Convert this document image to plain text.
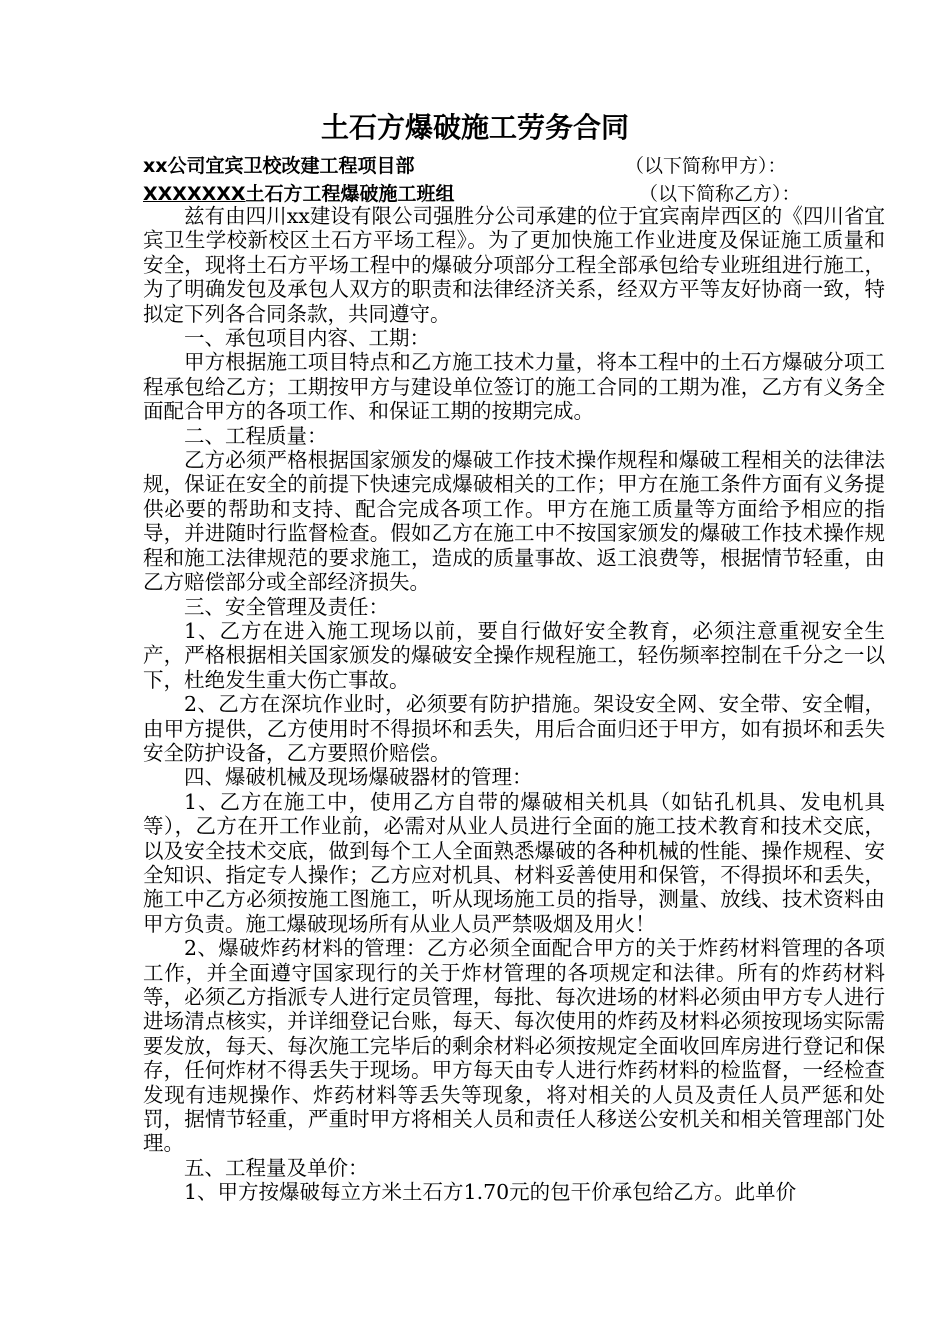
土石方爆破施工劳务合同
xx公司宜宾卫校改建工程项目部	（以下简称甲方）：
XXXXXXX土石方工程爆破施工班组	（以下简称乙方）：

兹有由四川xx建设有限公司强胜分公司承建的位于宜宾南岸西区的《四川省宜宾卫生学校新校区土石方平场工程》。为了更加快施工作业进度及保证施工质量和安全，现将土石方平场工程中的爆破分项部分工程全部承包给专业班组进行施工，为了明确发包及承包人双方的职责和法律经济关系，经双方平等友好协商一致，特拟定下列各合同条款，共同遵守。

一、承包项目内容、工期：

甲方根据施工项目特点和乙方施工技术力量，将本工程中的土石方爆破分项工程承包给乙方；工期按甲方与建设单位签订的施工合同的工期为准，乙方有义务全面配合甲方的各项工作、和保证工期的按期完成。

二、工程质量：

乙方必须严格根据国家颁发的爆破工作技术操作规程和爆破工程相关的法律法规，保证在安全的前提下快速完成爆破相关的工作；甲方在施工条件方面有义务提供必要的帮助和支持、配合完成各项工作。甲方在施工质量等方面给予相应的指导，并进随时行监督检查。假如乙方在施工中不按国家颁发的爆破工作技术操作规程和施工法律规范的要求施工，造成的质量事故、返工浪费等，根据情节轻重，由乙方赔偿部分或全部经济损失。

三、安全管理及责任：

1、乙方在进入施工现场以前，要自行做好安全教育，必须注意重视安全生产，严格根据相关国家颁发的爆破安全操作规程施工，轻伤频率控制在千分之一以下，杜绝发生重大伤亡事故。

2、乙方在深坑作业时，必须要有防护措施。架设安全网、安全带、安全帽，由甲方提供，乙方使用时不得损坏和丢失，用后合面归还于甲方，如有损坏和丢失安全防护设备，乙方要照价赔偿。

四、爆破机械及现场爆破器材的管理：

1、乙方在施工中，使用乙方自带的爆破相关机具（如钻孔机具、发电机具等），乙方在开工作业前，必需对从业人员进行全面的施工技术教育和技术交底，以及安全技术交底，做到每个工人全面熟悉爆破的各种机械的性能、操作规程、安全知识、指定专人操作；乙方应对机具、材料妥善使用和保管，不得损坏和丢失，施工中乙方必须按施工图施工，听从现场施工员的指导，测量、放线、技术资料由甲方负责。施工爆破现场所有从业人员严禁吸烟及用火！

2、爆破炸药材料的管理：乙方必须全面配合甲方的关于炸药材料管理的各项工作，并全面遵守国家现行的关于炸材管理的各项规定和法律。所有的炸药材料等，必须乙方指派专人进行定员管理，每批、每次进场的材料必须由甲方专人进行进场清点核实，并详细登记台账，每天、每次使用的炸药及材料必须按现场实际需要发放，每天、每次施工完毕后的剩余材料必须按规定全面收回库房进行登记和保存，任何炸材不得丢失于现场。甲方每天由专人进行炸药材料的检监督，一经检查发现有违规操作、炸药材料等丢失等现象，将对相关的人员及责任人员严惩和处罚，据情节轻重，严重时甲方将相关人员和责任人移送公安机关和相关管理部门处理。

五、工程量及单价：

1、甲方按爆破每立方米土石方1.70元的包干价承包给乙方。此单价
